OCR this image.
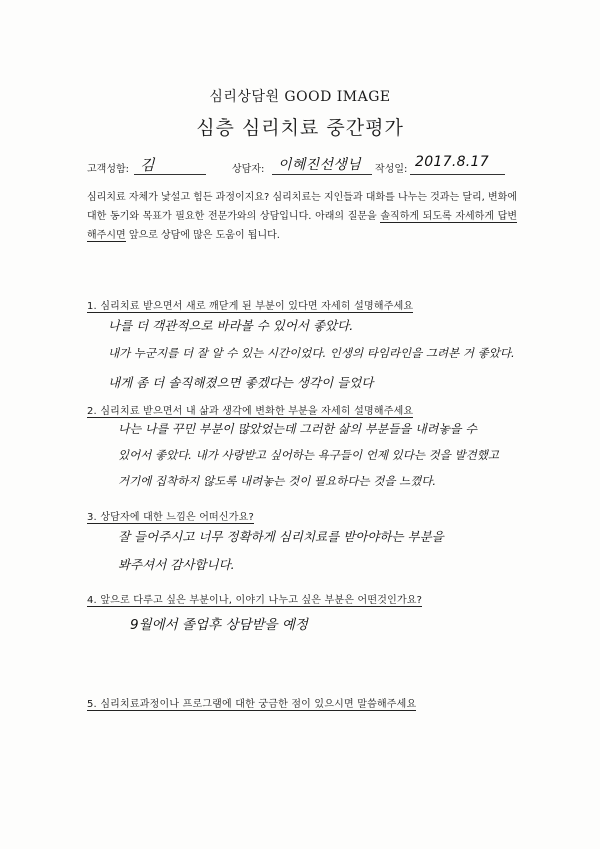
심리상담원 GOOD IMAGE
심층 심리치료 중간평가
고객성함: 김	상담자: 이혜진선생님 작성일: 2017.8.17
심리치료 자체가 낯설고 힘든 과정이지요? 심리치료는 지인들과 대화를 나누는 것과는 달리, 변화에 대한 동기와 목표가 필요한 전문가와의 상담입니다. 아래의 질문을 솔직하게 되도록 자세하게 답변해주시면 앞으로 상담에 많은 도움이 됩니다.
1. 심리치료 받으면서 새로 깨닫게 된 부분이 있다면 자세히 설명해주세요
나를 더 객관적으로 바라볼 수 있어서 좋았다.
내가 누군지를 더 잘 알 수 있는 시간이었다. 인생의 타임라인을 그려본 거 좋았다.
내게 좀 더 솔직해졌으면 좋겠다는 생각이 들었다
2. 심리치료 받으면서 내 삶과 생각에 변화한 부분을 자세히 설명해주세요
나는 나를 꾸민 부분이 많았었는데 그러한 삶의 부분들을 내려놓을 수
있어서 좋았다. 내가 사랑받고 싶어하는 욕구들이 언제 있다는 것을 발견했고
거기에 집착하지 않도록 내려놓는 것이 필요하다는 것을 느꼈다.
3. 상담자에 대한 느낌은 어떠신가요?
잘 들어주시고 너무 정확하게 심리치료를 받아야하는 부분을
봐주셔서 감사합니다.
4. 앞으로 다루고 싶은 부분이나, 이야기 나누고 싶은 부분은 어떤것인가요?
9월에서 졸업후 상담받을 예정
5. 심리치료과정이나 프로그램에 대한 궁금한 점이 있으시면 말씀해주세요
